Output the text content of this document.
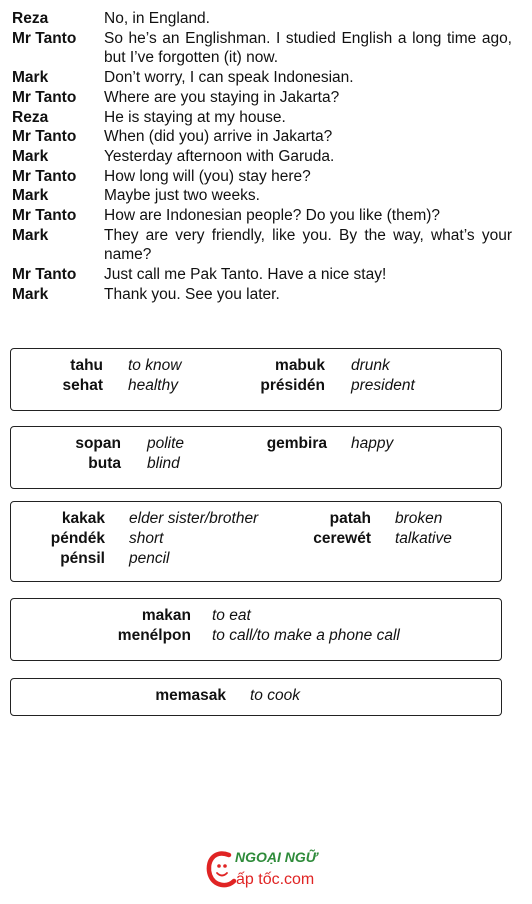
Reza	No, in England.
Mr Tanto	So he’s an Englishman. I studied English a long time ago, but I’ve forgotten (it) now.
Mark	Don’t worry, I can speak Indonesian.
Mr Tanto	Where are you staying in Jakarta?
Reza	He is staying at my house.
Mr Tanto	When (did you) arrive in Jakarta?
Mark	Yesterday afternoon with Garuda.
Mr Tanto	How long will (you) stay here?
Mark	Maybe just two weeks.
Mr Tanto	How are Indonesian people? Do you like (them)?
Mark	They are very friendly, like you. By the way, what’s your name?
Mr Tanto	Just call me Pak Tanto. Have a nice stay!
Mark	Thank you. See you later.
tahu to know	mabuk drunk
sehat healthy	présidén president
sopan polite	gembira happy
buta blind
kakak elder sister/brother	patah broken
péndék short	cerewét talkative
pénsil pencil
makan to eat
menélpon to call/to make a phone call
memasak to cook
NGOẠI NGỮ
ấp tốc.com
